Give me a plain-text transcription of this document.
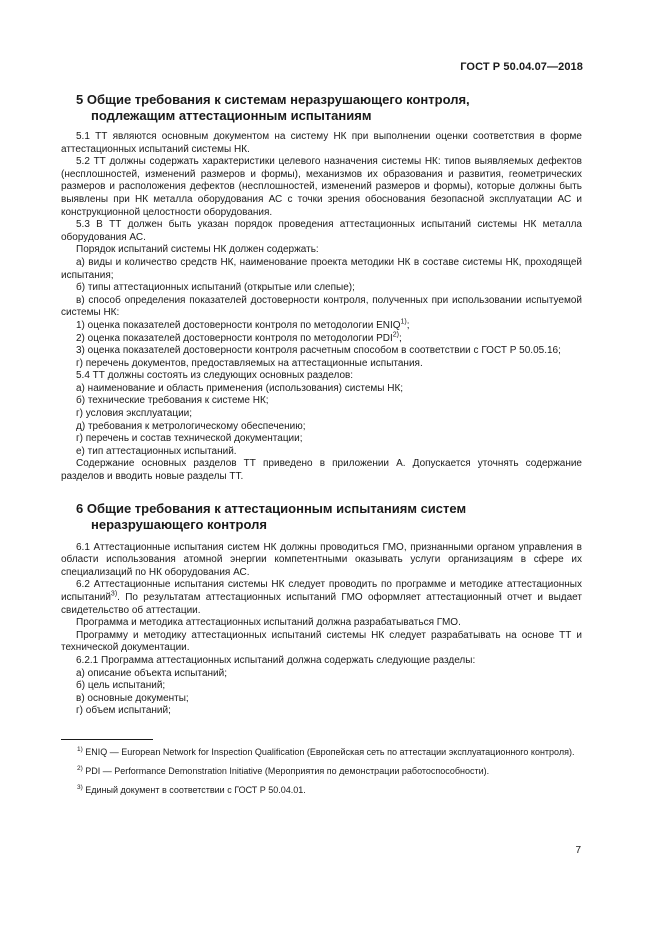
ГОСТ Р 50.04.07—2018
5 Общие требования к системам неразрушающего контроля,
подлежащим аттестационным испытаниям

5.1 ТТ являются основным документом на систему НК при выполнении оценки соответствия в форме аттестационных испытаний системы НК.

5.2 ТТ должны содержать характеристики целевого назначения системы НК: типов выявляемых дефектов (несплошностей, изменений размеров и формы), механизмов их образования и развития, геометрических размеров и расположения дефектов (несплошностей, изменений размеров и формы), которые должны быть выявлены при НК металла оборудования АС с точки зрения обоснования безопасной эксплуатации АС и конструкционной целостности оборудования.

5.3 В ТТ должен быть указан порядок проведения аттестационных испытаний системы НК металла оборудования АС.

Порядок испытаний системы НК должен содержать:

а) виды и количество средств НК, наименование проекта методики НК в составе системы НК, проходящей испытания;

б) типы аттестационных испытаний (открытые или слепые);

в) способ определения показателей достоверности контроля, полученных при использовании испытуемой системы НК:

1) оценка показателей достоверности контроля по методологии ENIQ$^{1)}$;

2) оценка показателей достоверности контроля по методологии PDI$^{2)}$;

3) оценка показателей достоверности контроля расчетным способом в соответствии с ГОСТ Р 50.05.16;

г) перечень документов, предоставляемых на аттестационные испытания.

5.4 ТТ должны состоять из следующих основных разделов:

а) наименование и область применения (использования) системы НК;

б) технические требования к системе НК;

г) условия эксплуатации;

д) требования к метрологическому обеспечению;

г) перечень и состав технической документации;

е) тип аттестационных испытаний.

Содержание основных разделов ТТ приведено в приложении А. Допускается уточнять содержание разделов и вводить новые разделы ТТ.

6 Общие требования к аттестационным испытаниям систем
неразрушающего контроля

6.1 Аттестационные испытания систем НК должны проводиться ГМО, признанными органом управления в области использования атомной энергии компетентными оказывать услуги организациям в сфере их специализаций по НК оборудования АС.

6.2 Аттестационные испытания системы НК следует проводить по программе и методике аттестационных испытаний$^{3)}$. По результатам аттестационных испытаний ГМО оформляет аттестационный отчет и выдает свидетельство об аттестации.

Программа и методика аттестационных испытаний должна разрабатываться ГМО.

Программу и методику аттестационных испытаний системы НК следует разрабатывать на основе ТТ и технической документации.

6.2.1 Программа аттестационных испытаний должна содержать следующие разделы:

а) описание объекта испытаний;

б) цель испытаний;

в) основные документы;

г) объем испытаний;

$^{1)}$ ENIQ — European Network for Inspection Qualification (Европейская сеть по аттестации эксплуатационного контроля).

$^{2)}$ PDI — Performance Demonstration Initiative (Мероприятия по демонстрации работоспособности).

$^{3)}$ Единый документ в соответствии с ГОСТ Р 50.04.01.

7
